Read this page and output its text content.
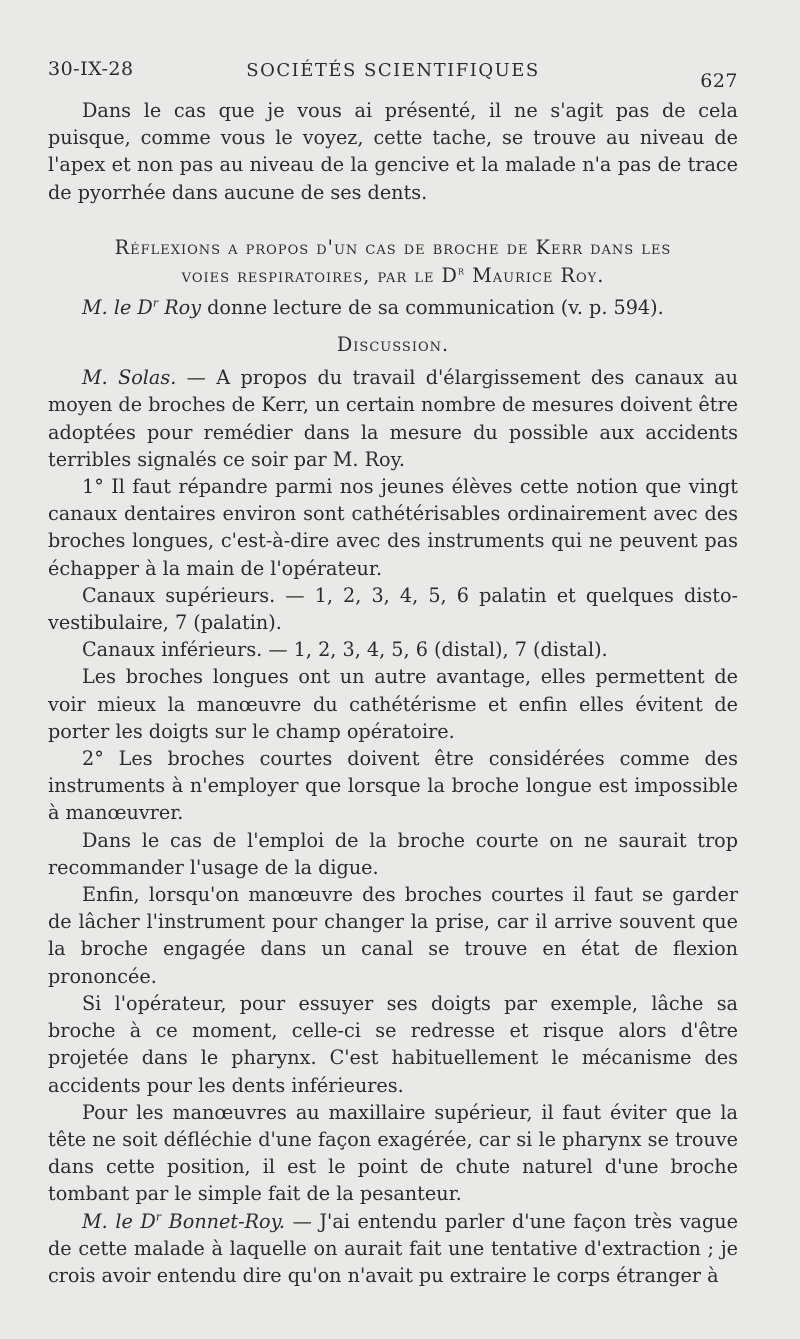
30-IX-28	SOCIÉTÉS SCIENTIFIQUES	627

Dans le cas que je vous ai présenté, il ne s'agit pas de cela puisque, comme vous le voyez, cette tache, se trouve au niveau de l'apex et non pas au niveau de la gencive et la malade n'a pas de trace de pyorrhée dans aucune de ses dents.

Réflexions a propos d'un cas de broche de Kerr dans les
voies respiratoires, par le $D^r$ Maurice Roy.

M. le $D^r$ Roy donne lecture de sa communication (v. p. 594).

Discussion.

M. Solas. — A propos du travail d'élargissement des canaux au moyen de broches de Kerr, un certain nombre de mesures doivent être adoptées pour remédier dans la mesure du possible aux accidents terribles signalés ce soir par M. Roy.

1° Il faut répandre parmi nos jeunes élèves cette notion que vingt canaux dentaires environ sont cathétérisables ordinairement avec des broches longues, c'est-à-dire avec des instruments qui ne peuvent pas échapper à la main de l'opérateur.

Canaux supérieurs. — 1, 2, 3, 4, 5, 6 palatin et quelques disto-vestibulaire, 7 (palatin).

Canaux inférieurs. — 1, 2, 3, 4, 5, 6 (distal), 7 (distal).

Les broches longues ont un autre avantage, elles permettent de voir mieux la manœuvre du cathétérisme et enfin elles évitent de porter les doigts sur le champ opératoire.

2° Les broches courtes doivent être considérées comme des instruments à n'employer que lorsque la broche longue est impossible à manœuvrer.

Dans le cas de l'emploi de la broche courte on ne saurait trop recommander l'usage de la digue.

Enfin, lorsqu'on manœuvre des broches courtes il faut se garder de lâcher l'instrument pour changer la prise, car il arrive souvent que la broche engagée dans un canal se trouve en état de flexion prononcée.

Si l'opérateur, pour essuyer ses doigts par exemple, lâche sa broche à ce moment, celle-ci se redresse et risque alors d'être projetée dans le pharynx. C'est habituellement le mécanisme des accidents pour les dents inférieures.

Pour les manœuvres au maxillaire supérieur, il faut éviter que la tête ne soit défléchie d'une façon exagérée, car si le pharynx se trouve dans cette position, il est le point de chute naturel d'une broche tombant par le simple fait de la pesanteur.

M. le $D^r$ Bonnet-Roy. — J'ai entendu parler d'une façon très vague de cette malade à laquelle on aurait fait une tentative d'extraction ; je crois avoir entendu dire qu'on n'avait pu extraire le corps étranger à
